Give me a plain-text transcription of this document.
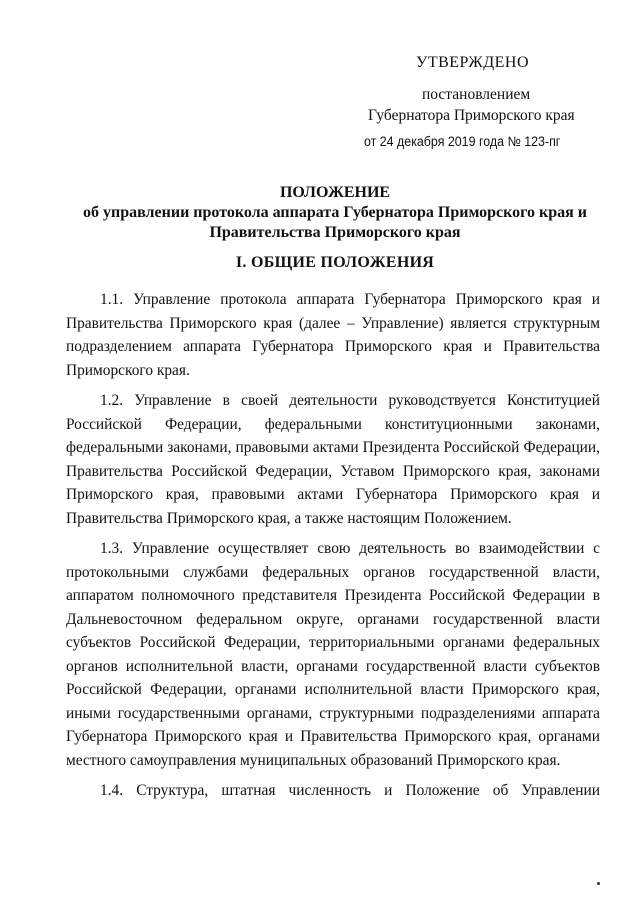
УТВЕРЖДЕНО
постановлением
Губернатора Приморского края
от 24 декабря 2019 года № 123-пг
ПОЛОЖЕНИЕ
об управлении протокола аппарата Губернатора Приморского края и
Правительства Приморского края
I. ОБЩИЕ ПОЛОЖЕНИЯ

1.1. Управление протокола аппарата Губернатора Приморского края и Правительства Приморского края (далее – Управление) является структурным подразделением аппарата Губернатора Приморского края и Правительства Приморского края.

1.2. Управление в своей деятельности руководствуется Конституцией Российской Федерации, федеральными конституционными законами, федеральными законами, правовыми актами Президента Российской Федерации, Правительства Российской Федерации, Уставом Приморского края, законами Приморского края, правовыми актами Губернатора Приморского края и Правительства Приморского края, а также настоящим Положением.

1.3. Управление осуществляет свою деятельность во взаимодействии с протокольными службами федеральных органов государственной власти, аппаратом полномочного представителя Президента Российской Федерации в Дальневосточном федеральном округе, органами государственной власти субъектов Российской Федерации, территориальными органами федеральных органов исполнительной власти, органами государственной власти субъектов Российской Федерации, органами исполнительной власти Приморского края, иными государственными органами, структурными подразделениями аппарата Губернатора Приморского края и Правительства Приморского края, органами местного самоуправления муниципальных образований Приморского края.

1.4. Структура, штатная численность и Положение об Управлении
